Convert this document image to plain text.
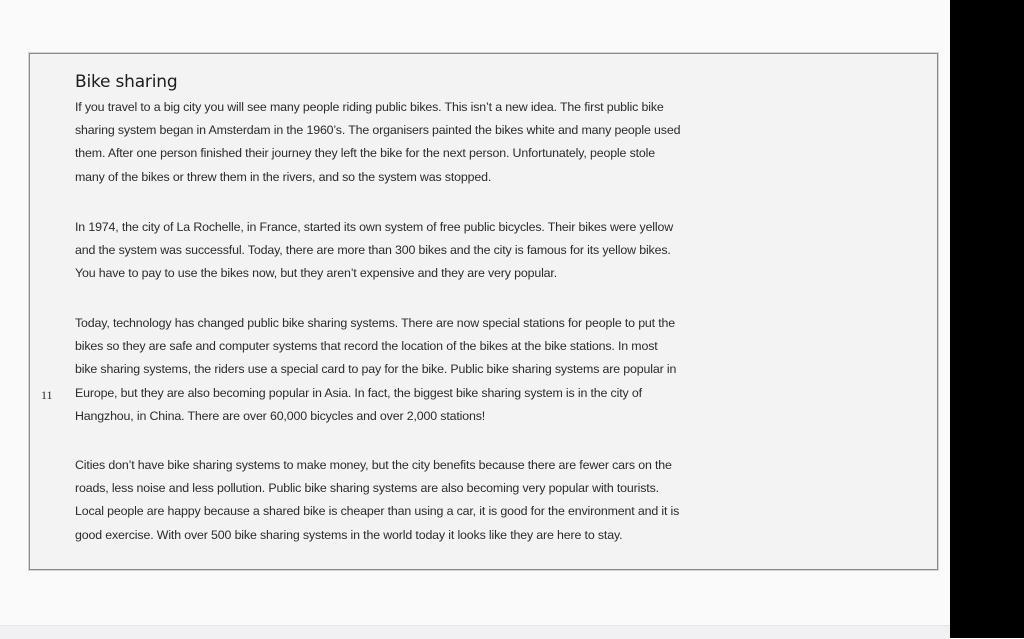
Bike sharing
11

If you travel to a big city you will see many people riding public bikes. This isn’t a new idea. The first public bike
sharing system began in Amsterdam in the 1960’s. The organisers painted the bikes white and many people used
them. After one person finished their journey they left the bike for the next person. Unfortunately, people stole
many of the bikes or threw them in the rivers, and so the system was stopped.

In 1974, the city of La Rochelle, in France, started its own system of free public bicycles. Their bikes were yellow
and the system was successful. Today, there are more than 300 bikes and the city is famous for its yellow bikes.
You have to pay to use the bikes now, but they aren’t expensive and they are very popular.

Today, technology has changed public bike sharing systems. There are now special stations for people to put the
bikes so they are safe and computer systems that record the location of the bikes at the bike stations. In most
bike sharing systems, the riders use a special card to pay for the bike. Public bike sharing systems are popular in
Europe, but they are also becoming popular in Asia. In fact, the biggest bike sharing system is in the city of
Hangzhou, in China. There are over 60,000 bicycles and over 2,000 stations!

Cities don’t have bike sharing systems to make money, but the city benefits because there are fewer cars on the
roads, less noise and less pollution. Public bike sharing systems are also becoming very popular with tourists.
Local people are happy because a shared bike is cheaper than using a car, it is good for the environment and it is
good exercise. With over 500 bike sharing systems in the world today it looks like they are here to stay.
